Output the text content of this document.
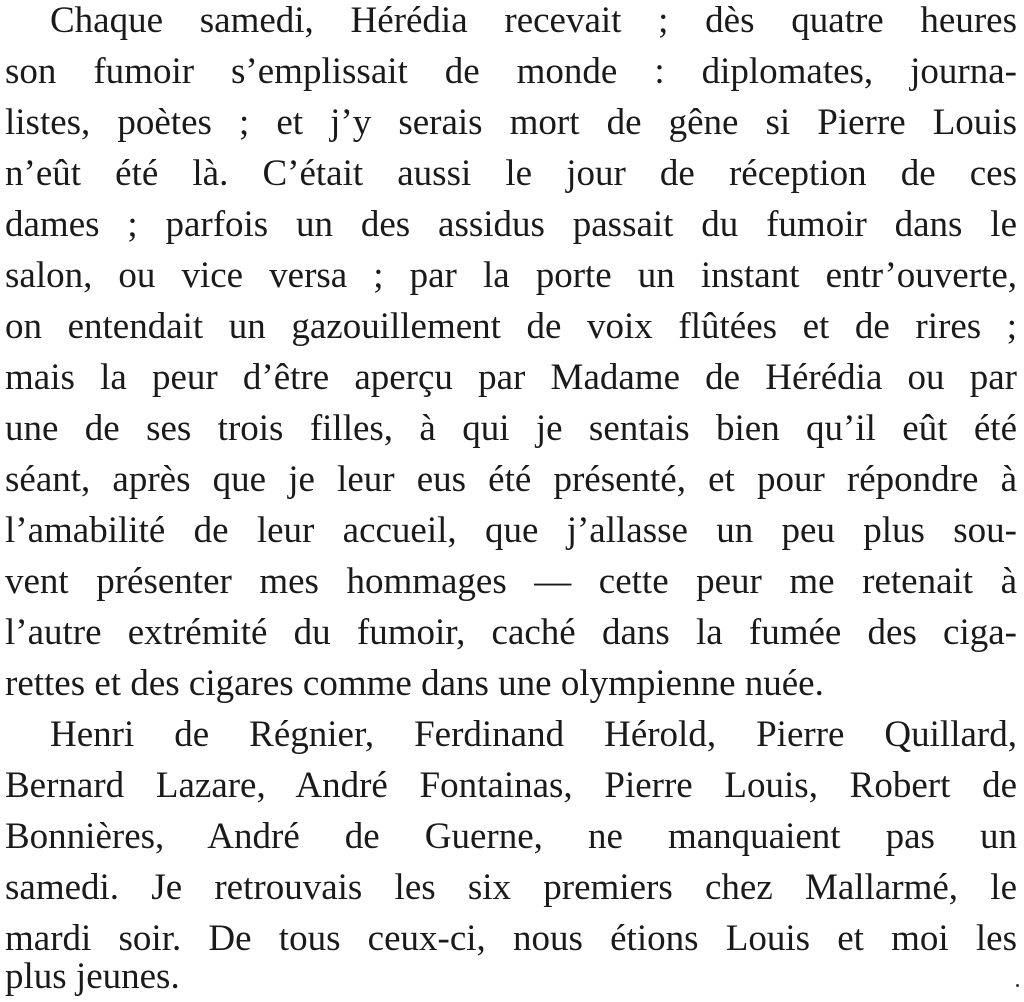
Chaque samedi, Hérédia recevait ; dès quatre heures
son fumoir s’emplissait de monde : diplomates, journa-
listes, poètes ; et j’y serais mort de gêne si Pierre Louis
n’eût été là. C’était aussi le jour de réception de ces
dames ; parfois un des assidus passait du fumoir dans le
salon, ou vice versa ; par la porte un instant entr’ouverte,
on entendait un gazouillement de voix flûtées et de rires ;
mais la peur d’être aperçu par Madame de Hérédia ou par
une de ses trois filles, à qui je sentais bien qu’il eût été
séant, après que je leur eus été présenté, et pour répondre à
l’amabilité de leur accueil, que j’allasse un peu plus sou-
vent présenter mes hommages — cette peur me retenait à
l’autre extrémité du fumoir, caché dans la fumée des ciga-
rettes et des cigares comme dans une olympienne nuée.
Henri de Régnier, Ferdinand Hérold, Pierre Quillard,
Bernard Lazare, André Fontainas, Pierre Louis, Robert de
Bonnières, André de Guerne, ne manquaient pas un
samedi. Je retrouvais les six premiers chez Mallarmé, le
mardi soir. De tous ceux-ci, nous étions Louis et moi les
plus jeunes.
